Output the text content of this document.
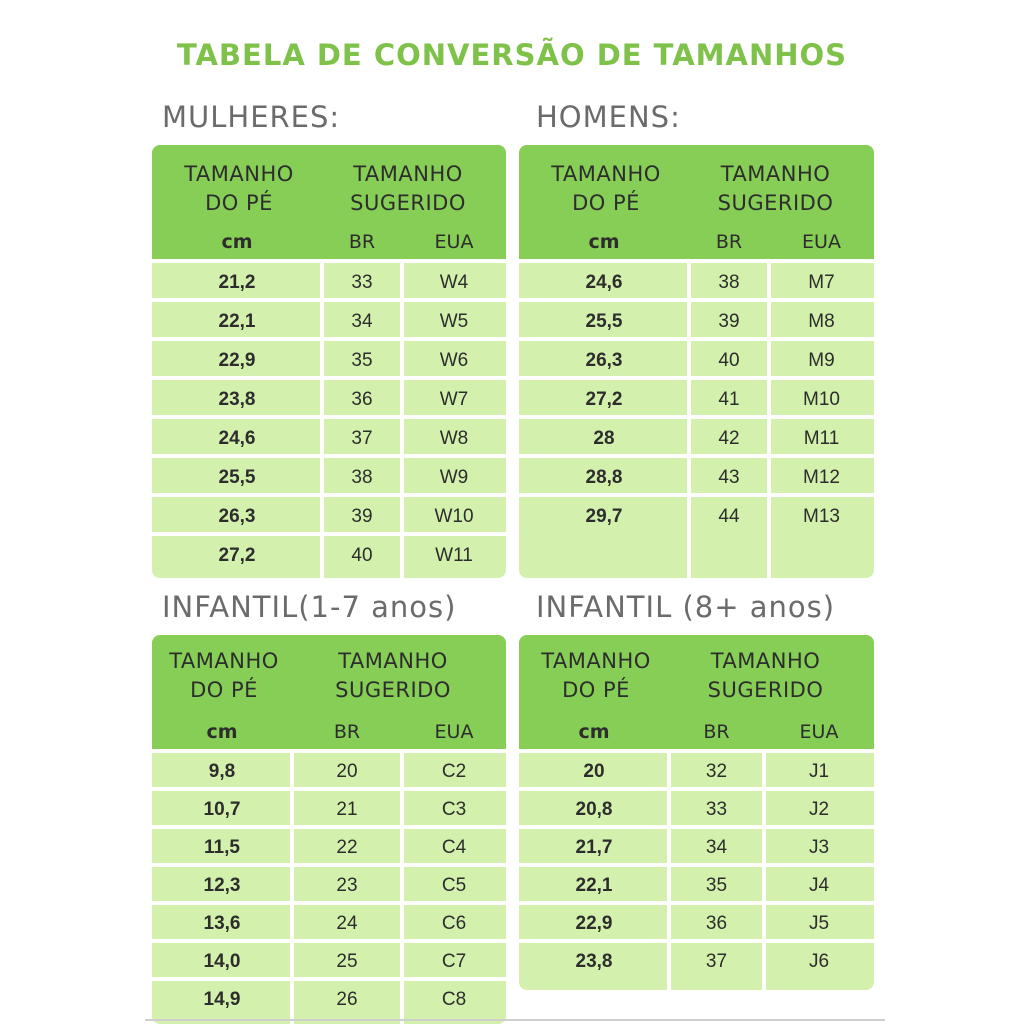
TABELA DE CONVERSÃO DE TAMANHOS
MULHERES:
TAMANHO
DO PÉ
TAMANHO
SUGERIDO
cm	BR	EUA
21,2	33	W4
22,1	34	W5
22,9	35	W6
23,8	36	W7
24,6	37	W8
25,5	38	W9
26,3	39	W10
27,2	40	W11
HOMENS:
TAMANHO
DO PÉ
TAMANHO
SUGERIDO
cm	BR	EUA
24,6	38	M7
25,5	39	M8
26,3	40	M9
27,2	41	M10
28	42	M11
28,8	43	M12
29,7	44	M13
INFANTIL(1-7 anos)
TAMANHO
DO PÉ
TAMANHO
SUGERIDO
cm	BR	EUA
9,8	20	C2
10,7	21	C3
11,5	22	C4
12,3	23	C5
13,6	24	C6
14,0	25	C7
14,9	26	C8
INFANTIL (8+ anos)
TAMANHO
DO PÉ
TAMANHO
SUGERIDO
cm	BR	EUA
20	32	J1
20,8	33	J2
21,7	34	J3
22,1	35	J4
22,9	36	J5
23,8	37	J6
